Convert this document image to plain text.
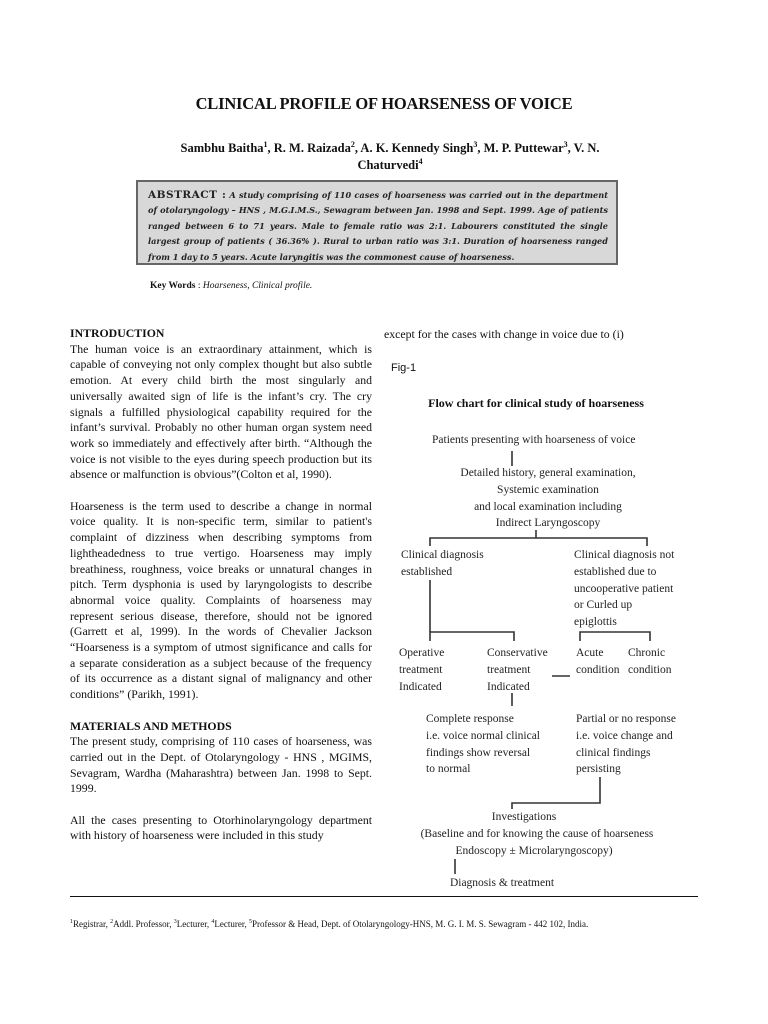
CLINICAL PROFILE OF HOARSENESS OF VOICE
Sambhu Baitha$^1$, R. M. Raizada$^2$, A. K. Kennedy Singh$^3$, M. P. Puttewar$^3$, V. N. Chaturvedi$^4$
ABSTRACT : A study comprising of 110 cases of hoarseness was carried out in the department of otolaryngology – HNS , M.G.I.M.S., Sewagram between Jan. 1998 and Sept. 1999. Age of patients ranged between 6 to 71 years. Male to female ratio was 2:1. Labourers constituted the single largest group of patients ( 36.36% ). Rural to urban ratio was 3:1. Duration of hoarseness ranged from 1 day to 5 years. Acute laryngitis was the commonest cause of hoarseness.
Key Words : Hoarseness, Clinical profile.
INTRODUCTION

The human voice is an extraordinary attainment, which is capable of conveying not only complex thought but also subtle emotion. At every child birth the most singularly and universally awaited sign of life is the infant’s cry. The cry signals a fulfilled physiological capability required for the infant’s survival. Probably no other human organ system need work so immediately and effectively after birth. “Although the voice is not visible to the eyes during speech production but its absence or malfunction is obvious”(Colton et al, 1990).

Hoarseness is the term used to describe a change in normal voice quality. It is non-specific term, similar to patient's complaint of dizziness when describing symptoms from lightheadedness to true vertigo. Hoarseness may imply breathiness, roughness, voice breaks or unnatural changes in pitch. Term dysphonia is used by laryngologists to describe abnormal voice quality. Complaints of hoarseness may represent serious disease, therefore, should not be ignored (Garrett et al, 1999). In the words of Chevalier Jackson “Hoarseness is a symptom of utmost significance and calls for a separate consideration as a subject because of the frequency of its occurrence as a distant signal of malignancy and other conditions” (Parikh, 1991).

MATERIALS AND METHODS

The present study, comprising of 110 cases of hoarseness, was carried out in the Dept. of Otolaryngology - HNS , MGIMS, Sevagram, Wardha (Maharashtra) between Jan. 1998 to Sept. 1999.

All the cases presenting to Otorhinolaryngology department with history of hoarseness were included in this study

except for the cases with change in voice due to (i)
Fig-1
Flow chart for clinical study of hoarseness
Patients presenting with hoarseness of voice
Detailed history, general examination,
Systemic examination
and local examination including
Indirect Laryngoscopy
Clinical diagnosis
established
Clinical diagnosis not
established due to
uncooperative patient
or Curled up
epiglottis
Operative
treatment
Indicated
Conservative
treatment
Indicated
Acute
condition
Chronic
condition
Complete response
i.e. voice normal clinical
findings show reversal
to normal
Partial or no response
i.e. voice change and
clinical findings
persisting
Investigations
(Baseline and for knowing the cause of hoarseness
Endoscopy ± Microlaryngoscopy)
Diagnosis & treatment
$^1$Registrar, $^2$Addl. Professor, $^3$Lecturer, $^4$Lecturer, $^5$Professor & Head, Dept. of Otolaryngology-HNS, M. G. I. M. S. Sewagram - 442 102, India.
